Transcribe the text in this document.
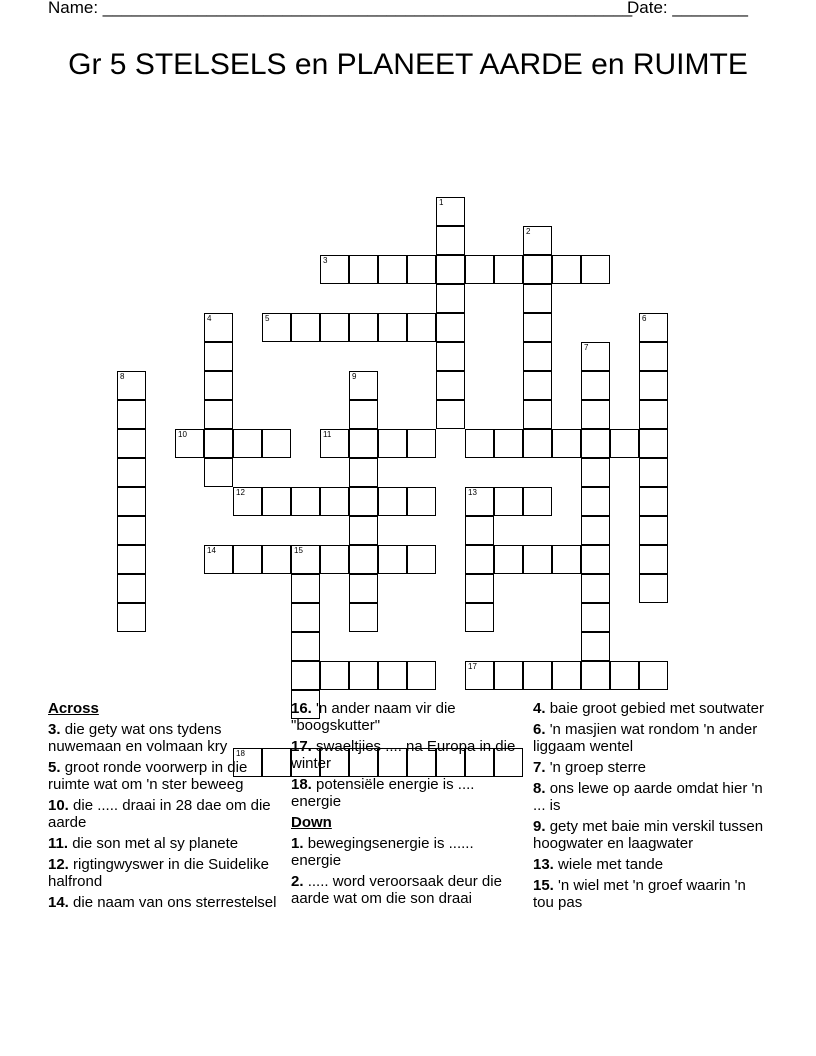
Name: ________________________________________________________
Date: ________
Gr 5 STELSELS en PLANEET AARDE en RUIMTE
1
2
3
4	5	6
7
8	9
10	11
12	13
14	15
17
18
Across
3. die gety wat ons tydens nuwemaan en volmaan kry
5. groot ronde voorwerp in die ruimte wat om 'n ster beweeg
10. die ..... draai in 28 dae om die aarde
11. die son met al sy planete
12. rigtingwyswer in die Suidelike halfrond
14. die naam van ons sterrestelsel
16. 'n ander naam vir die "boogskutter"
17. swaeltjies .... na Europa in die winter
18. potensiële energie is .... energie
Down
1. bewegingsenergie is ...... energie
2. ..... word veroorsaak deur die aarde wat om die son draai
4. baie groot gebied met soutwater
6. 'n masjien wat rondom 'n ander liggaam wentel
7. 'n groep sterre
8. ons lewe op aarde omdat hier 'n ... is
9. gety met baie min verskil tussen hoogwater en laagwater
13. wiele met tande
15. 'n wiel met 'n groef waarin 'n tou pas
